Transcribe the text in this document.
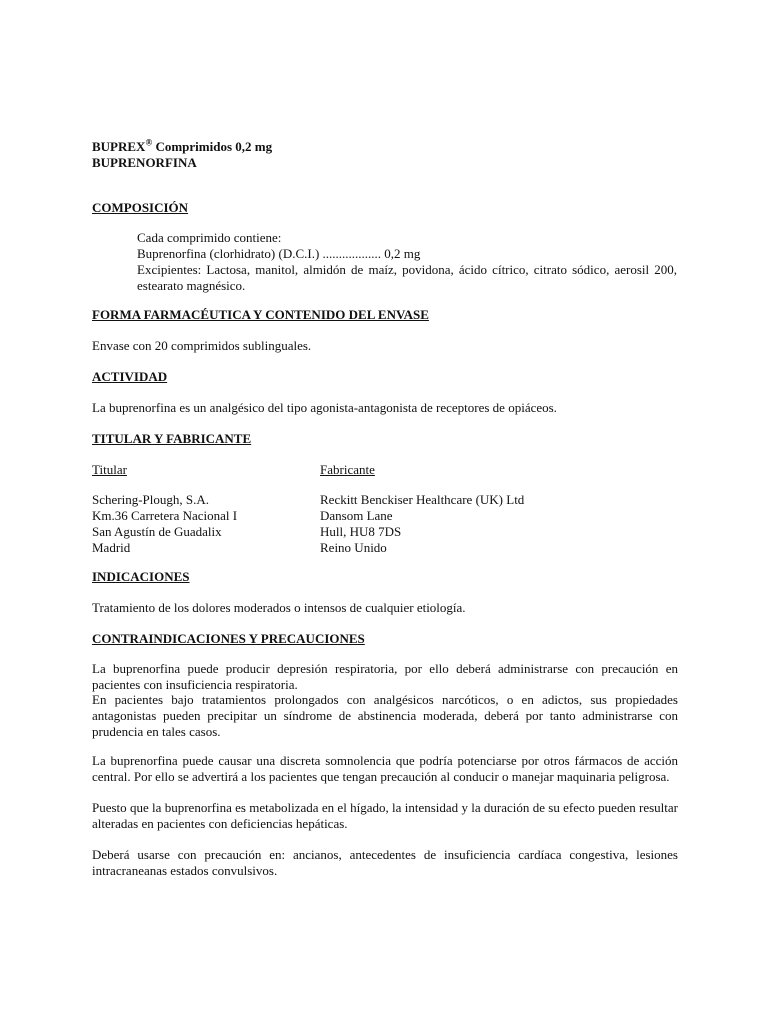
BUPREX® Comprimidos 0,2 mg
BUPRENORFINA
COMPOSICIÓN
Cada comprimido contiene:
Buprenorfina (clorhidrato) (D.C.I.) .................. 0,2 mg

Excipientes: Lactosa, manitol, almidón de maíz, povidona, ácido cítrico, citrato sódico, aerosil 200, estearato magnésico.

FORMA FARMACÉUTICA Y CONTENIDO DEL ENVASE
Envase con 20 comprimidos sublinguales.
ACTIVIDAD
La buprenorfina es un analgésico del tipo agonista-antagonista de receptores de opiáceos.
TITULAR Y FABRICANTE
Titular	Fabricante
Schering-Plough, S.A.
Km.36 Carretera Nacional I
San Agustín de Guadalix
Madrid
Reckitt Benckiser Healthcare (UK) Ltd
Dansom Lane
Hull, HU8 7DS
Reino Unido
INDICACIONES
Tratamiento de los dolores moderados o intensos de cualquier etiología.
CONTRAINDICACIONES Y PRECAUCIONES

La buprenorfina puede producir depresión respiratoria, por ello deberá administrarse con precaución en pacientes con insuficiencia respiratoria.

En pacientes bajo tratamientos prolongados con analgésicos narcóticos, o en adictos, sus propiedades antagonistas pueden precipitar un síndrome de abstinencia moderada, deberá por tanto administrarse con prudencia en tales casos.

La buprenorfina puede causar una discreta somnolencia que podría potenciarse por otros fármacos de acción central. Por ello se advertirá a los pacientes que tengan precaución al conducir o manejar maquinaria peligrosa.

Puesto que la buprenorfina es metabolizada en el hígado, la intensidad y la duración de su efecto pueden resultar alteradas en pacientes con deficiencias hepáticas.

Deberá usarse con precaución en: ancianos, antecedentes de insuficiencia cardíaca congestiva, lesiones intracraneanas estados convulsivos.
